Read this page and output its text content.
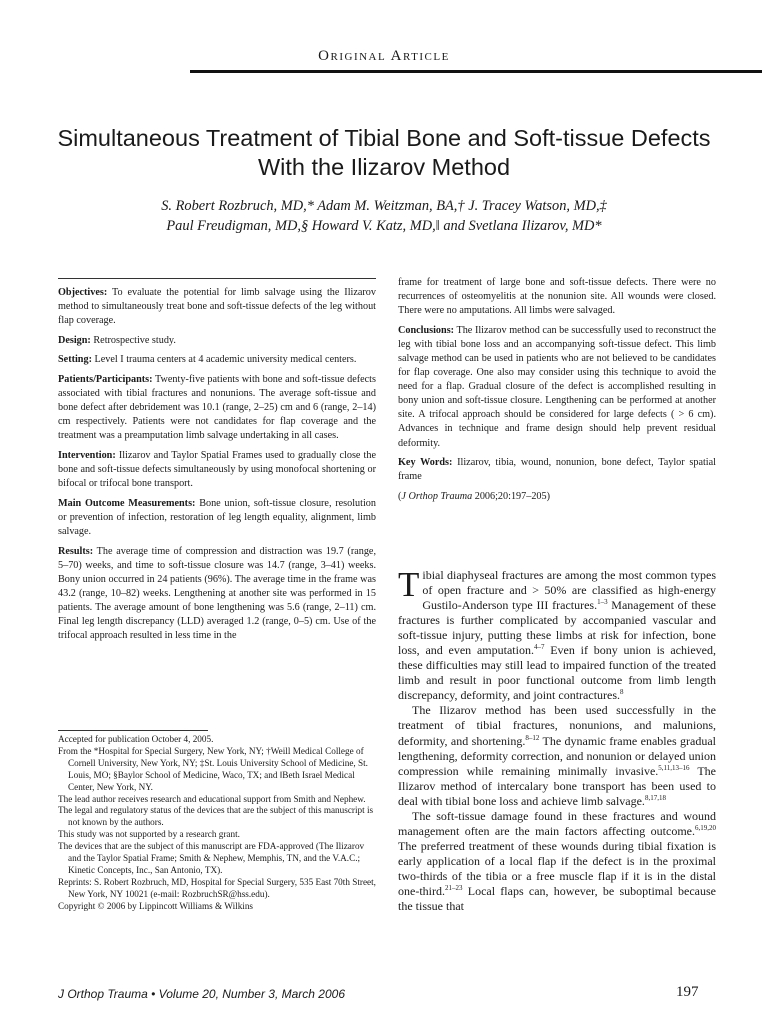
Original Article
Simultaneous Treatment of Tibial Bone and Soft-tissue Defects With the Ilizarov Method
S. Robert Rozbruch, MD,* Adam M. Weitzman, BA,† J. Tracey Watson, MD,‡
Paul Freudigman, MD,§ Howard V. Katz, MD,‖ and Svetlana Ilizarov, MD*

Objectives: To evaluate the potential for limb salvage using the Ilizarov method to simultaneously treat bone and soft-tissue defects of the leg without flap coverage.

Design: Retrospective study.

Setting: Level I trauma centers at 4 academic university medical centers.

Patients/Participants: Twenty-five patients with bone and soft-tissue defects associated with tibial fractures and nonunions. The average soft-tissue and bone defect after debridement was 10.1 (range, 2–25) cm and 6 (range, 2–14) cm respectively. Patients were not candidates for flap coverage and the treatment was a preamputation limb salvage undertaking in all cases.

Intervention: Ilizarov and Taylor Spatial Frames used to gradually close the bone and soft-tissue defects simultaneously by using monofocal shortening or bifocal or trifocal bone transport.

Main Outcome Measurements: Bone union, soft-tissue closure, resolution or prevention of infection, restoration of leg length equality, alignment, limb salvage.

Results: The average time of compression and distraction was 19.7 (range, 5–70) weeks, and time to soft-tissue closure was 14.7 (range, 3–41) weeks. Bony union occurred in 24 patients (96%). The average time in the frame was 43.2 (range, 10–82) weeks. Lengthening at another site was performed in 15 patients. The average amount of bone lengthening was 5.6 (range, 2–11) cm. Final leg length discrepancy (LLD) averaged 1.2 (range, 0–5) cm. Use of the trifocal approach resulted in less time in the

Accepted for publication October 4, 2005.
From the *Hospital for Special Surgery, New York, NY; †Weill Medical College of Cornell University, New York, NY; ‡St. Louis University School of Medicine, St. Louis, MO; §Baylor School of Medicine, Waco, TX; and ‖Beth Israel Medical Center, New York, NY.
The lead author receives research and educational support from Smith and Nephew.
The legal and regulatory status of the devices that are the subject of this manuscript is not known by the authors.
This study was not supported by a research grant.
The devices that are the subject of this manuscript are FDA-approved (The Ilizarov and the Taylor Spatial Frame; Smith & Nephew, Memphis, TN, and the V.A.C.; Kinetic Concepts, Inc., San Antonio, TX).
Reprints: S. Robert Rozbruch, MD, Hospital for Special Surgery, 535 East 70th Street, New York, NY 10021 (e-mail: RozbruchSR@hss.edu).
Copyright © 2006 by Lippincott Williams & Wilkins

frame for treatment of large bone and soft-tissue defects. There were no recurrences of osteomyelitis at the nonunion site. All wounds were closed. There were no amputations. All limbs were salvaged.

Conclusions: The Ilizarov method can be successfully used to reconstruct the leg with tibial bone loss and an accompanying soft-tissue defect. This limb salvage method can be used in patients who are not believed to be candidates for flap coverage. One also may consider using this technique to avoid the need for a flap. Gradual closure of the defect is accomplished resulting in bony union and soft-tissue closure. Lengthening can be performed at another site. A trifocal approach should be considered for large defects ( > 6 cm). Advances in technique and frame design should help prevent residual deformity.

Key Words: Ilizarov, tibia, wound, nonunion, bone defect, Taylor spatial frame

(J Orthop Trauma 2006;20:197–205)

Tibial diaphyseal fractures are among the most common types of open fracture and > 50% are classified as high-energy Gustilo-Anderson type III fractures.$^{1-3}$ Management of these fractures is further complicated by accompanied vascular and soft-tissue injury, putting these limbs at risk for infection, bone loss, and even amputation.$^{4-7}$ Even if bony union is achieved, these difficulties may still lead to impaired function of the treated limb and result in poor functional outcome from limb length discrepancy, deformity, and joint contractures.$^8$

The Ilizarov method has been used successfully in the treatment of tibial fractures, nonunions, and malunions, deformity, and shortening.$^{8-12}$ The dynamic frame enables gradual lengthening, deformity correction, and nonunion or delayed union compression while remaining minimally invasive.$^{5,11,13-16}$ The Ilizarov method of intercalary bone transport has been used to deal with tibial bone loss and achieve limb salvage.$^{8,17,18}$

The soft-tissue damage found in these fractures and wound management often are the main factors affecting outcome.$^{6,19,20}$ The preferred treatment of these wounds during tibial fixation is early application of a local flap if the defect is in the proximal two-thirds of the tibia or a free muscle flap if it is in the distal one-third.$^{21-23}$ Local flaps can, however, be suboptimal because the tissue that

J Orthop Trauma • Volume 20, Number 3, March 2006	197
